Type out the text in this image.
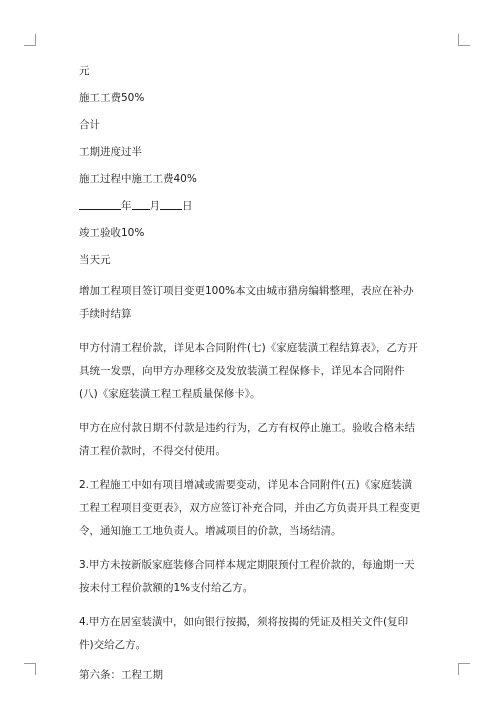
元

施工工费50%

合计

工期进度过半

施工过程中施工工费40%

年 月 日

竣工验收10%

当天元

增加工程项目签订项目变更100%本文由城市猎房编辑整理，表应在补办手续时结算

甲方付清工程价款，详见本合同附件(七)《家庭装潢工程结算表》，乙方开具统一发票，向甲方办理移交及发放装潢工程保修卡，详见本合同附件(八)《家庭装潢工程工程质量保修卡》。

甲方在应付款日期不付款是违约行为，乙方有权停止施工。验收合格未结清工程价款时，不得交付使用。

2.工程施工中如有项目增减或需要变动，详见本合同附件(五)《家庭装潢工程工程项目变更表》，双方应签订补充合同，并由乙方负责开具工程变更令，通知施工工地负责人。增减项目的价款，当场结清。

3.甲方未按新版家庭装修合同样本规定期限预付工程价款的，每逾期一天按未付工程价款额的1%支付给乙方。

4.甲方在居室装潢中，如向银行按揭，须将按揭的凭证及相关文件(复印件)交给乙方。

第六条：工程工期
